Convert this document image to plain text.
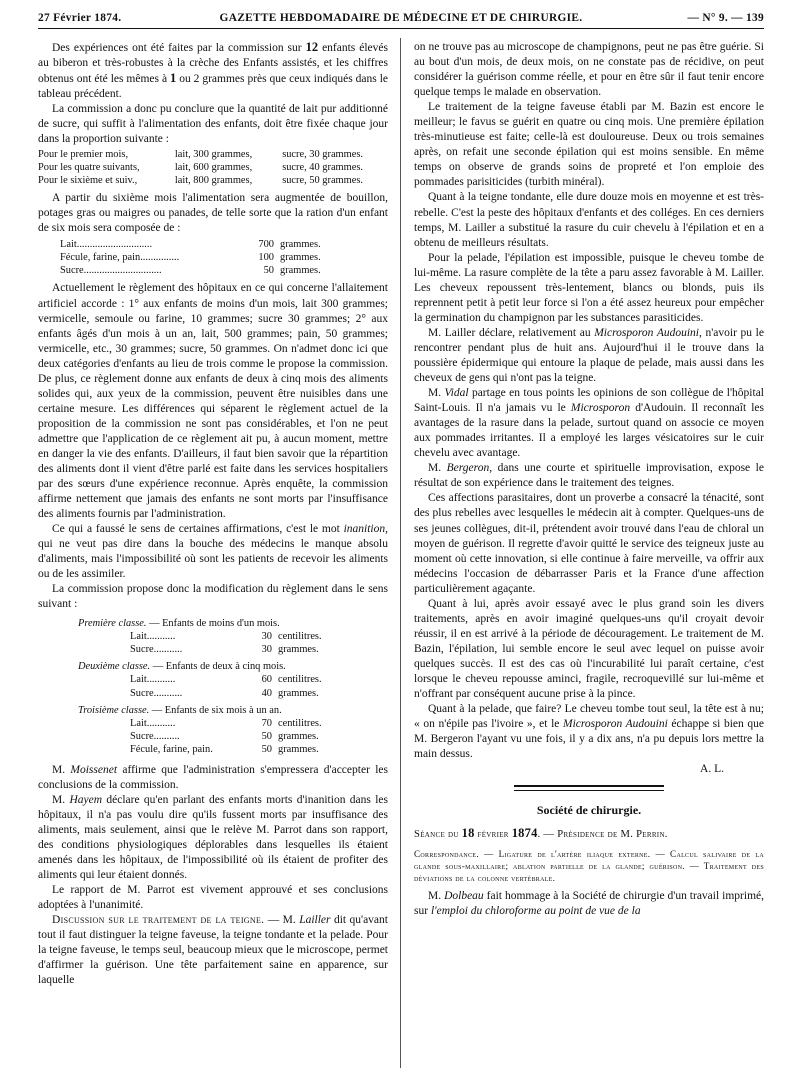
27 Février 1874.	GAZETTE HEBDOMADAIRE DE MÉDECINE ET DE CHIRURGIE.	— N° 9. — 139

Des expériences ont été faites par la commission sur 12 enfants élevés au biberon et très-robustes à la crèche des Enfants assistés, et les chiffres obtenus ont été les mêmes à 1 ou 2 grammes près que ceux indiqués dans le tableau précédent.

La commission a donc pu conclure que la quantité de lait pur additionné de sucre, qui suffit à l'alimentation des enfants, doit être fixée chaque jour dans la proportion suivante :

Pour le premier mois,	lait, 300 grammes,	sucre, 30 grammes.
Pour les quatre suivants,	lait, 600 grammes,	sucre, 40 grammes.
Pour le sixième et suiv.,	lait, 800 grammes,	sucre, 50 grammes.

A partir du sixième mois l'alimentation sera augmentée de bouillon, potages gras ou maigres ou panades, de telle sorte que la ration d'un enfant de six mois sera composée de :

Lait.............................	700 grammes.
Fécule, farine, pain...............	100 grammes.
Sucre..............................	50 grammes.

Actuellement le règlement des hôpitaux en ce qui concerne l'allaitement artificiel accorde : 1° aux enfants de moins d'un mois, lait 300 grammes; vermicelle, semoule ou farine, 10 grammes; sucre 30 grammes; 2° aux enfants âgés d'un mois à un an, lait, 500 grammes; pain, 50 grammes; vermicelle, etc., 30 grammes; sucre, 50 grammes. On n'admet donc ici que deux catégories d'enfants au lieu de trois comme le propose la commission. De plus, ce règlement donne aux enfants de deux à cinq mois des aliments solides qui, aux yeux de la commission, peuvent être nuisibles dans une certaine mesure. Les différences qui séparent le règlement actuel de la proposition de la commission ne sont pas considérables, et l'on ne peut admettre que l'application de ce règlement ait pu, à aucun moment, mettre en danger la vie des enfants. D'ailleurs, il faut bien savoir que la répartition des aliments dont il vient d'être parlé est faite dans les services hospitaliers par des sœurs d'une expérience reconnue. Après enquête, la commission affirme nettement que jamais des enfants ne sont morts par l'insuffisance des aliments fournis par l'administration.

Ce qui a faussé le sens de certaines affirmations, c'est le mot inanition, qui ne veut pas dire dans la bouche des médecins le manque absolu d'aliments, mais l'impossibilité où sont les patients de recevoir les aliments ou de les assimiler.

La commission propose donc la modification du règlement dans le sens suivant :

Première classe. — Enfants de moins d'un mois.
Lait...........	30 centilitres.
Sucre...........	30 grammes.
Deuxième classe. — Enfants de deux à cinq mois.
Lait...........	60 centilitres.
Sucre...........	40 grammes.
Troisième classe. — Enfants de six mois à un an.
Lait...........	70 centilitres.
Sucre..........	50 grammes.
Fécule, farine, pain.	50 grammes.

M. Moissenet affirme que l'administration s'empressera d'accepter les conclusions de la commission.

M. Hayem déclare qu'en parlant des enfants morts d'inanition dans les hôpitaux, il n'a pas voulu dire qu'ils fussent morts par insuffisance des aliments, mais seulement, ainsi que le relève M. Parrot dans son rapport, des conditions physiologiques déplorables dans lesquelles ils étaient amenés dans les hôpitaux, de l'impossibilité où ils étaient de profiter des aliments qui leur étaient donnés.

Le rapport de M. Parrot est vivement approuvé et ses conclusions adoptées à l'unanimité.

Discussion sur le traitement de la teigne. — M. Lailler dit qu'avant tout il faut distinguer la teigne faveuse, la teigne tondante et la pelade. Pour la teigne faveuse, le temps seul, beaucoup mieux que le microscope, permet d'affirmer la guérison. Une tête parfaitement saine en apparence, sur laquelle

on ne trouve pas au microscope de champignons, peut ne pas être guérie. Si au bout d'un mois, de deux mois, on ne constate pas de récidive, on peut considérer la guérison comme réelle, et pour en être sûr il faut tenir encore quelque temps le malade en observation.

Le traitement de la teigne faveuse établi par M. Bazin est encore le meilleur; le favus se guérit en quatre ou cinq mois. Une première épilation très-minutieuse est faite; celle-là est douloureuse. Deux ou trois semaines après, on refait une seconde épilation qui est moins sensible. En même temps on observe de grands soins de propreté et l'on emploie des pommades parisiticides (turbith minéral).

Quant à la teigne tondante, elle dure douze mois en moyenne et est très-rebelle. C'est la peste des hôpitaux d'enfants et des colléges. En ces derniers temps, M. Lailler a substitué la rasure du cuir chevelu à l'épilation et en a obtenu de meilleurs résultats.

Pour la pelade, l'épilation est impossible, puisque le cheveu tombe de lui-même. La rasure complète de la tête a paru assez favorable à M. Lailler. Les cheveux repoussent très-lentement, blancs ou blonds, puis ils reprennent petit à petit leur force si l'on a été assez heureux pour empêcher la germination du champignon par les substances parasiticides.

M. Lailler déclare, relativement au Microsporon Audouini, n'avoir pu le rencontrer pendant plus de huit ans. Aujourd'hui il le trouve dans la poussière épidermique qui entoure la plaque de pelade, mais aussi dans les cheveux de gens qui n'ont pas la teigne.

M. Vidal partage en tous points les opinions de son collègue de l'hôpital Saint-Louis. Il n'a jamais vu le Microsporon d'Audouin. Il reconnaît les avantages de la rasure dans la pelade, surtout quand on associe ce moyen aux pommades irritantes. Il a employé les larges vésicatoires sur le cuir chevelu avec avantage.

M. Bergeron, dans une courte et spirituelle improvisation, expose le résultat de son expérience dans le traitement des teignes.

Ces affections parasitaires, dont un proverbe a consacré la ténacité, sont des plus rebelles avec lesquelles le médecin ait à compter. Quelques-uns de ses jeunes collègues, dit-il, prétendent avoir trouvé dans l'eau de chloral un moyen de guérison. Il regrette d'avoir quitté le service des teigneux juste au moment où cette innovation, si elle continue à faire merveille, va offrir aux médecins l'occasion de débarrasser Paris et la France d'une affection particulièrement agaçante.

Quant à lui, après avoir essayé avec le plus grand soin les divers traitements, après en avoir imaginé quelques-uns qu'il croyait devoir réussir, il en est arrivé à la période de découragement. Le traitement de M. Bazin, l'épilation, lui semble encore le seul avec lequel on puisse avoir quelques succès. Il est des cas où l'incurabilité lui paraît certaine, c'est lorsque le cheveu repousse aminci, fragile, recroquevillé sur lui-même et n'offrant par conséquent aucune prise à la pince.

Quant à la pelade, que faire? Le cheveu tombe tout seul, la tête est à nu; « on n'épile pas l'ivoire », et le Microsporon Audouini échappe si bien que M. Bergeron l'ayant vu une fois, il y a dix ans, n'a pu depuis lors mettre la main dessus.

A. L.

Société de chirurgie.

Séance du 18 février 1874. — Présidence de M. Perrin.

Correspondance. — Ligature de l'artère iliaque externe. — Calcul salivaire de la glande sous-maxillaire; ablation partielle de la glande; guérison. — Traitement des déviations de la colonne vertébrale.

M. Dolbeau fait hommage à la Société de chirurgie d'un travail imprimé, sur l'emploi du chloroforme au point de vue de la
